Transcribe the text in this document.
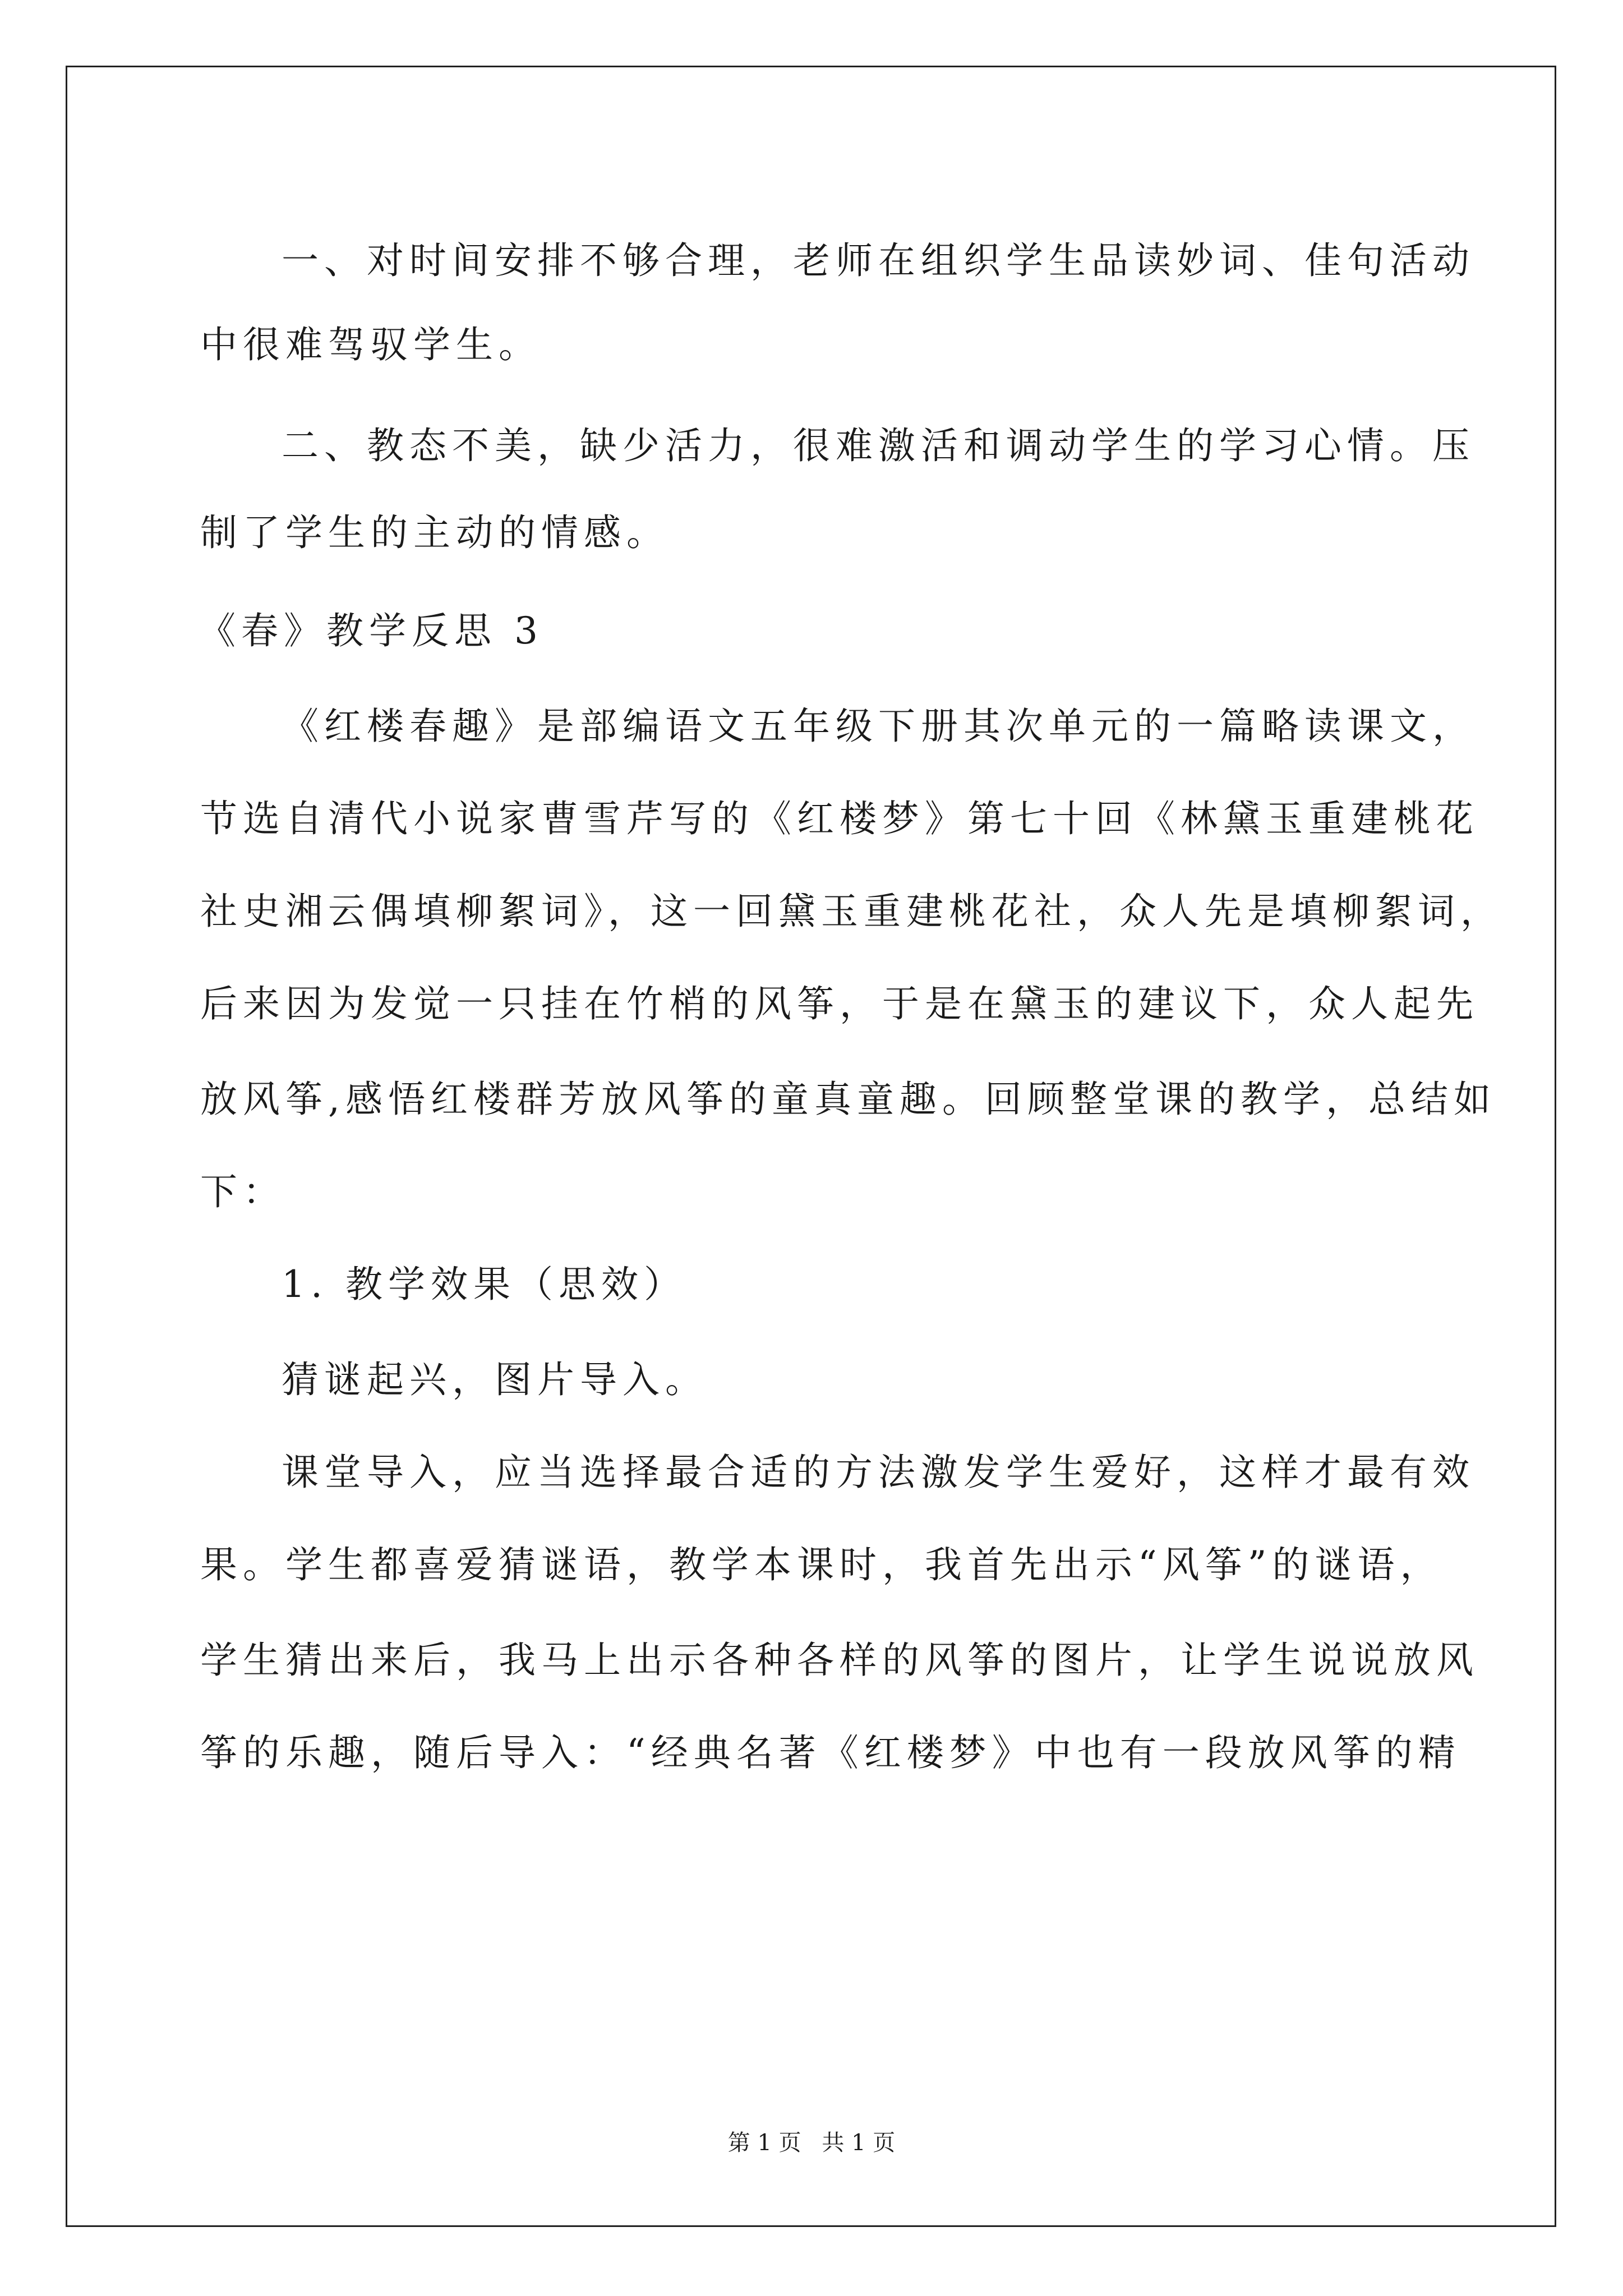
一、对时间安排不够合理，老师在组织学生品读妙词、佳句活动
中很难驾驭学生。
二、教态不美，缺少活力，很难激活和调动学生的学习心情。压
制了学生的主动的情感。
《春》教学反思 3
《红楼春趣》是部编语文五年级下册其次单元的一篇略读课文，
节选自清代小说家曹雪芹写的《红楼梦》第七十回《林黛玉重建桃花
社史湘云偶填柳絮词》，这一回黛玉重建桃花社，众人先是填柳絮词，
后来因为发觉一只挂在竹梢的风筝，于是在黛玉的建议下，众人起先
放风筝,感悟红楼群芳放风筝的童真童趣。回顾整堂课的教学，总结如
下：
1. 教学效果（思效）
猜谜起兴，图片导入。
课堂导入，应当选择最合适的方法激发学生爱好，这样才最有效
果。学生都喜爱猜谜语，教学本课时，我首先出示“风筝”的谜语，
学生猜出来后，我马上出示各种各样的风筝的图片，让学生说说放风
筝的乐趣，随后导入：“经典名著《红楼梦》中也有一段放风筝的精
第 1 页 共 1 页
